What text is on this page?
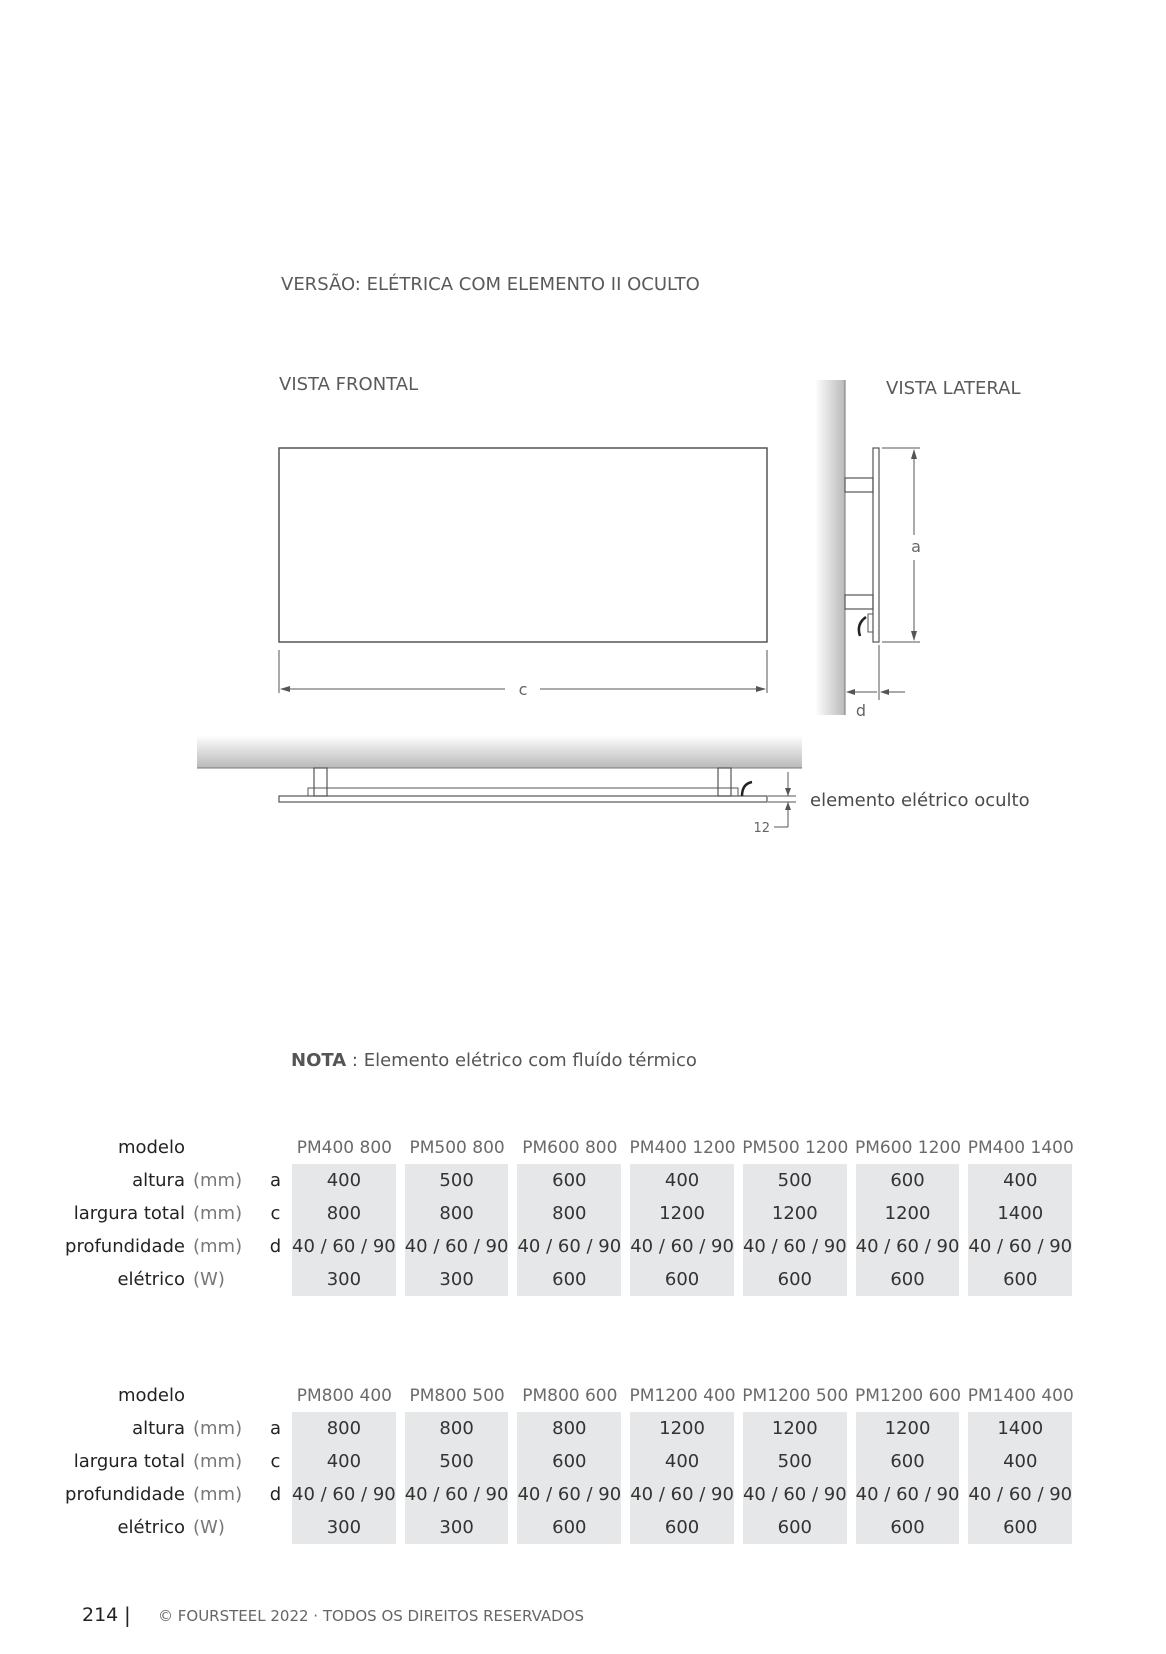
VERSÃO: ELÉTRICA COM ELEMENTO II OCULTO
VISTA FRONTAL	VISTA LATERAL
c
a
d
12
elemento elétrico oculto
NOTA : Elemento elétrico com fluído térmico
modelo			PM400 800	PM500 800	PM600 800	PM400 1200	PM500 1200	PM600 1200	PM400 1400
altura	(mm)	a	400	500	600	400	500	600	400
largura total	(mm)	c	800	800	800	1200	1200	1200	1400
profundidade	(mm)	d	40 / 60 / 90	40 / 60 / 90	40 / 60 / 90	40 / 60 / 90	40 / 60 / 90	40 / 60 / 90	40 / 60 / 90
elétrico	(W)		300	300	600	600	600	600	600
modelo			PM800 400	PM800 500	PM800 600	PM1200 400	PM1200 500	PM1200 600	PM1400 400
altura	(mm)	a	800	800	800	1200	1200	1200	1400
largura total	(mm)	c	400	500	600	400	500	600	400
profundidade	(mm)	d	40 / 60 / 90	40 / 60 / 90	40 / 60 / 90	40 / 60 / 90	40 / 60 / 90	40 / 60 / 90	40 / 60 / 90
elétrico	(W)		300	300	600	600	600	600	600
214 | © FOURSTEEL 2022 · TODOS OS DIREITOS RESERVADOS
